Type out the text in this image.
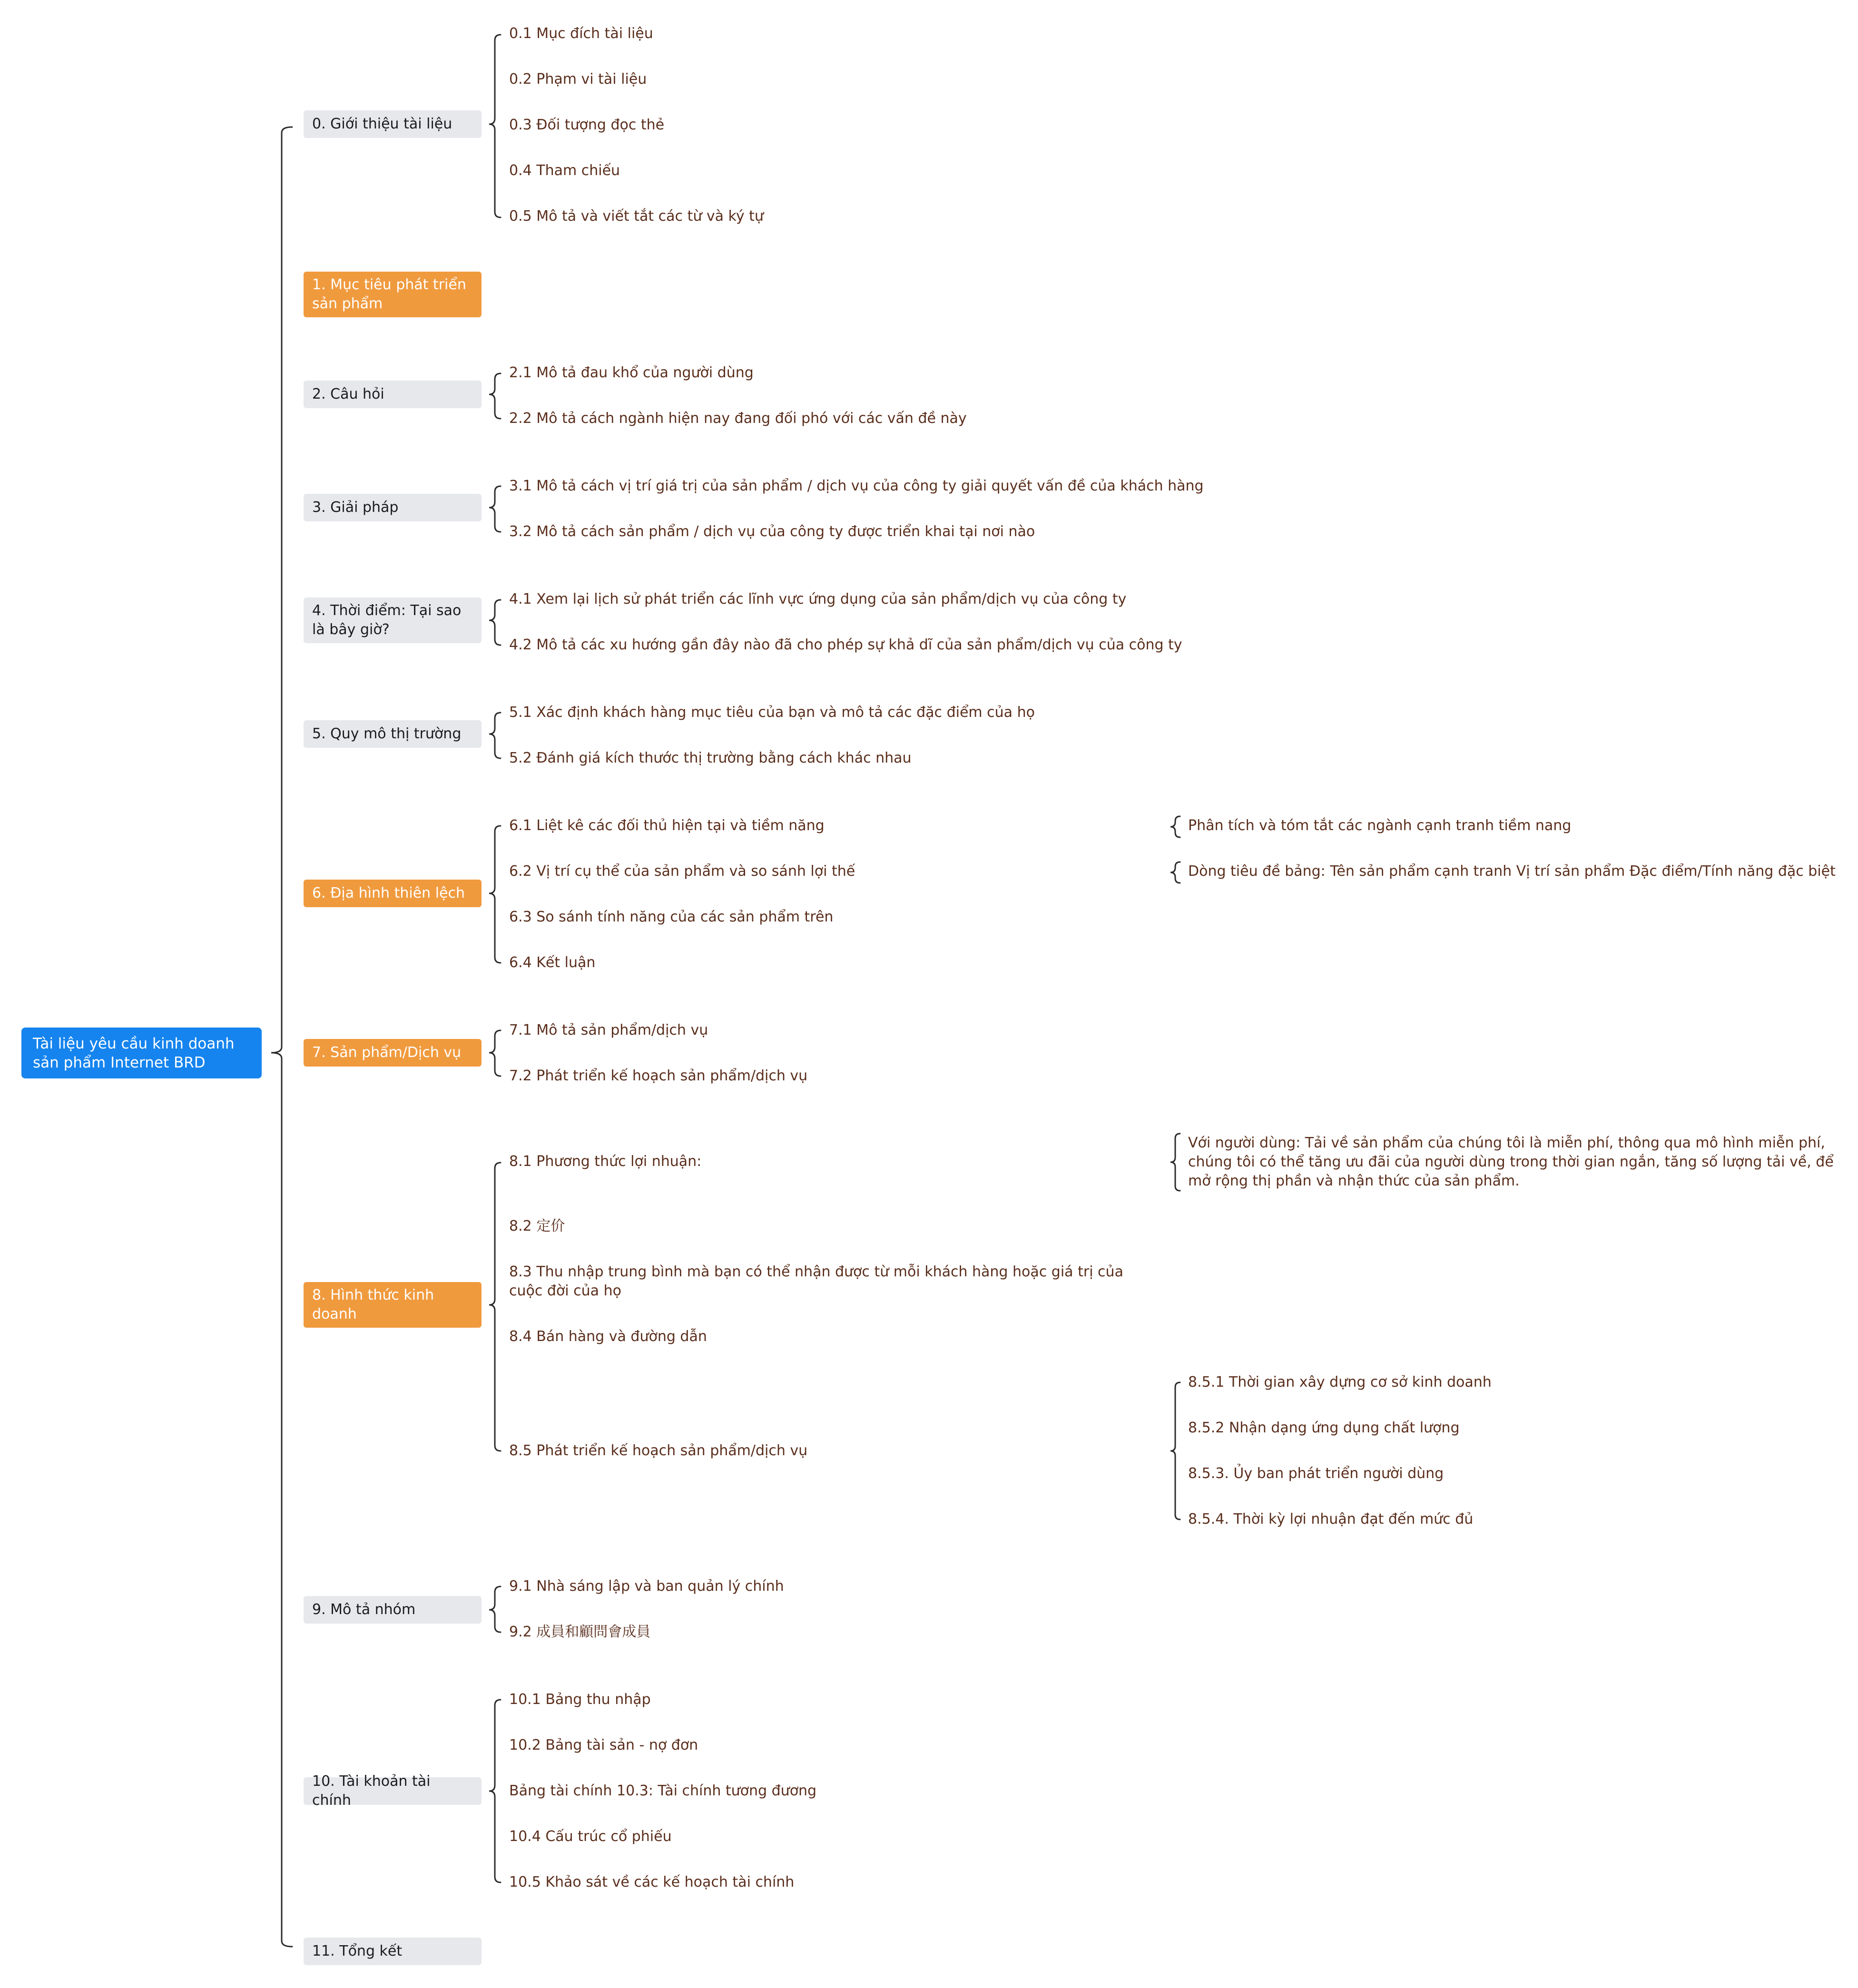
Tài liệu yêu cầu kinh doanh sản phẩm Internet BRD
0. Giới thiệu tài liệu
1. Mục tiêu phát triển sản phẩm
2. Câu hỏi
3. Giải pháp
4. Thời điểm: Tại sao là bây giờ?
5. Quy mô thị trường
6. Địa hình thiên lệch
7. Sản phẩm/Dịch vụ
8. Hình thức kinh doanh
9. Mô tả nhóm
10. Tài khoản tài chính
11. Tổng kết
0.1 Mục đích tài liệu
0.2 Phạm vi tài liệu
0.3 Đối tượng đọc thẻ
0.4 Tham chiếu
0.5 Mô tả và viết tắt các từ và ký tự
2.1 Mô tả đau khổ của người dùng
2.2 Mô tả cách ngành hiện nay đang đối phó với các vấn đề này
3.1 Mô tả cách vị trí giá trị của sản phẩm / dịch vụ của công ty giải quyết vấn đề của khách hàng
3.2 Mô tả cách sản phẩm / dịch vụ của công ty được triển khai tại nơi nào
4.1 Xem lại lịch sử phát triển các lĩnh vực ứng dụng của sản phẩm/dịch vụ của công ty
4.2 Mô tả các xu hướng gần đây nào đã cho phép sự khả dĩ của sản phẩm/dịch vụ của công ty
5.1 Xác định khách hàng mục tiêu của bạn và mô tả các đặc điểm của họ
5.2 Đánh giá kích thước thị trường bằng cách khác nhau
6.1 Liệt kê các đối thủ hiện tại và tiềm năng
6.2 Vị trí cụ thể của sản phẩm và so sánh lợi thế
6.3 So sánh tính năng của các sản phẩm trên
6.4 Kết luận
Phân tích và tóm tắt các ngành cạnh tranh tiềm nang
Dòng tiêu đề bảng: Tên sản phẩm cạnh tranh Vị trí sản phẩm Đặc điểm/Tính năng đặc biệt
7.1 Mô tả sản phẩm/dịch vụ
7.2 Phát triển kế hoạch sản phẩm/dịch vụ
8.1 Phương thức lợi nhuận:
8.2 定价
8.3 Thu nhập trung bình mà bạn có thể nhận được từ mỗi khách hàng hoặc giá trị của cuộc đời của họ
8.4 Bán hàng và đường dẫn
8.5 Phát triển kế hoạch sản phẩm/dịch vụ
Với người dùng: Tải về sản phẩm của chúng tôi là miễn phí, thông qua mô hình miễn phí, chúng tôi có thể tăng ưu đãi của người dùng trong thời gian ngắn, tăng số lượng tải về, để mở rộng thị phần và nhận thức của sản phẩm.
8.5.1 Thời gian xây dựng cơ sở kinh doanh
8.5.2 Nhận dạng ứng dụng chất lượng
8.5.3. Ủy ban phát triển người dùng
8.5.4. Thời kỳ lợi nhuận đạt đến mức đủ
9.1 Nhà sáng lập và ban quản lý chính
9.2 成員和顧問會成員
10.1 Bảng thu nhập
10.2 Bảng tài sản - nợ đơn
Bảng tài chính 10.3: Tài chính tương đương
10.4 Cấu trúc cổ phiếu
10.5 Khảo sát về các kế hoạch tài chính
